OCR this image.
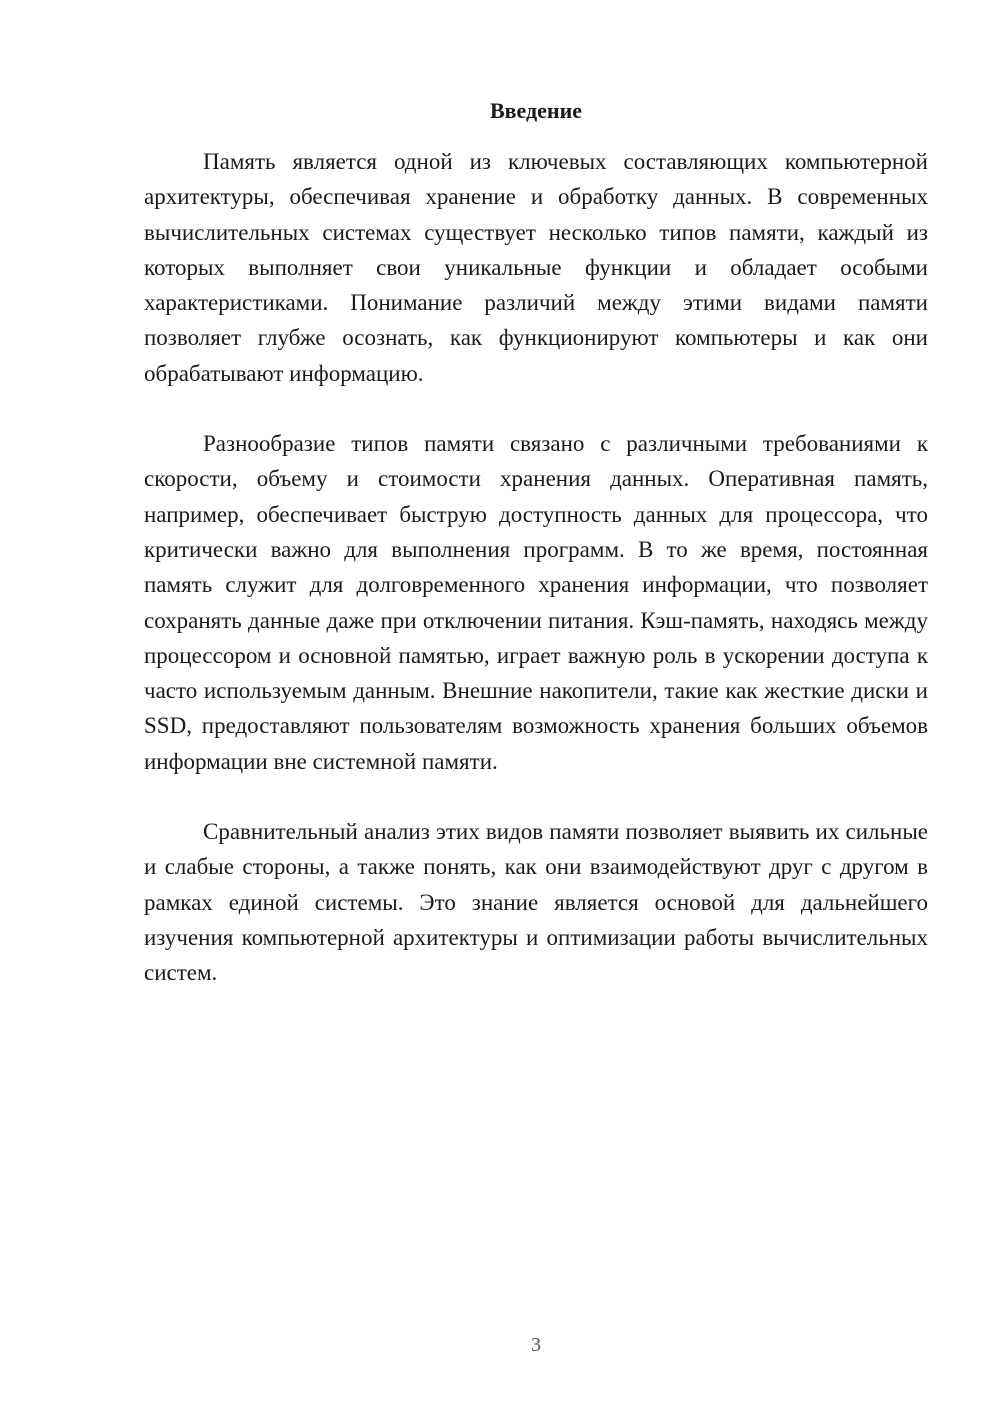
Введение

Память является одной из ключевых составляющих компьютерной архитектуры, обеспечивая хранение и обработку данных. В современных вычислительных системах существует несколько типов памяти, каждый из которых выполняет свои уникальные функции и обладает особыми характеристиками. Понимание различий между этими видами памяти позволяет глубже осознать, как функционируют компьютеры и как они обрабатывают информацию.

Разнообразие типов памяти связано с различными требованиями к скорости, объему и стоимости хранения данных. Оперативная память, например, обеспечивает быструю доступность данных для процессора, что критически важно для выполнения программ. В то же время, постоянная память служит для долговременного хранения информации, что позволяет сохранять данные даже при отключении питания. Кэш-память, находясь между процессором и основной памятью, играет важную роль в ускорении доступа к часто используемым данным. Внешние накопители, такие как жесткие диски и SSD, предоставляют пользователям возможность хранения больших объемов информации вне системной памяти.

Сравнительный анализ этих видов памяти позволяет выявить их сильные и слабые стороны, а также понять, как они взаимодействуют друг с другом в рамках единой системы. Это знание является основой для дальнейшего изучения компьютерной архитектуры и оптимизации работы вычислительных систем.

3
